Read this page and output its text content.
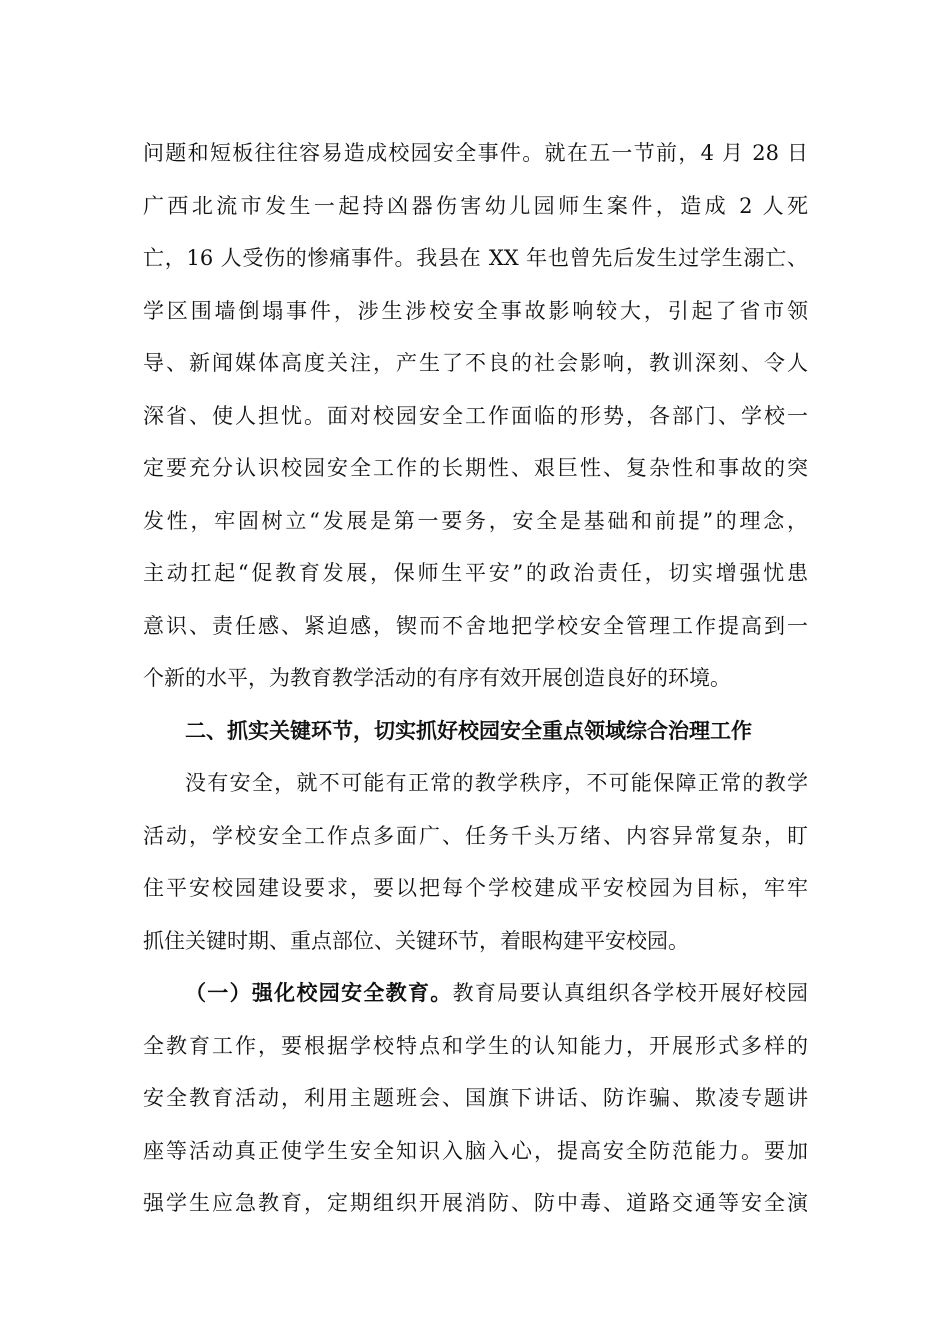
问题和短板往往容易造成校园安全事件。就在五一节前，4 月 28 日
广西北流市发生一起持凶器伤害幼儿园师生案件，造成 2 人死
亡，16 人受伤的惨痛事件。我县在 XX 年也曾先后发生过学生溺亡、
学区围墙倒塌事件，涉生涉校安全事故影响较大，引起了省市领
导、新闻媒体高度关注，产生了不良的社会影响，教训深刻、令人
深省、使人担忧。面对校园安全工作面临的形势，各部门、学校一
定要充分认识校园安全工作的长期性、艰巨性、复杂性和事故的突
发性，牢固树立“发展是第一要务，安全是基础和前提”的理念，
主动扛起“促教育发展，保师生平安”的政治责任，切实增强忧患
意识、责任感、紧迫感，锲而不舍地把学校安全管理工作提高到一
个新的水平，为教育教学活动的有序有效开展创造良好的环境。
二、抓实关键环节，切实抓好校园安全重点领域综合治理工作
没有安全，就不可能有正常的教学秩序，不可能保障正常的教学
活动，学校安全工作点多面广、任务千头万绪、内容异常复杂，盯
住平安校园建设要求，要以把每个学校建成平安校园为目标，牢牢
抓住关键时期、重点部位、关键环节，着眼构建平安校园。
（一）强化校园安全教育。教育局要认真组织各学校开展好校园
全教育工作，要根据学校特点和学生的认知能力，开展形式多样的
安全教育活动，利用主题班会、国旗下讲话、防诈骗、欺凌专题讲
座等活动真正使学生安全知识入脑入心，提高安全防范能力。要加
强学生应急教育，定期组织开展消防、防中毒、道路交通等安全演
